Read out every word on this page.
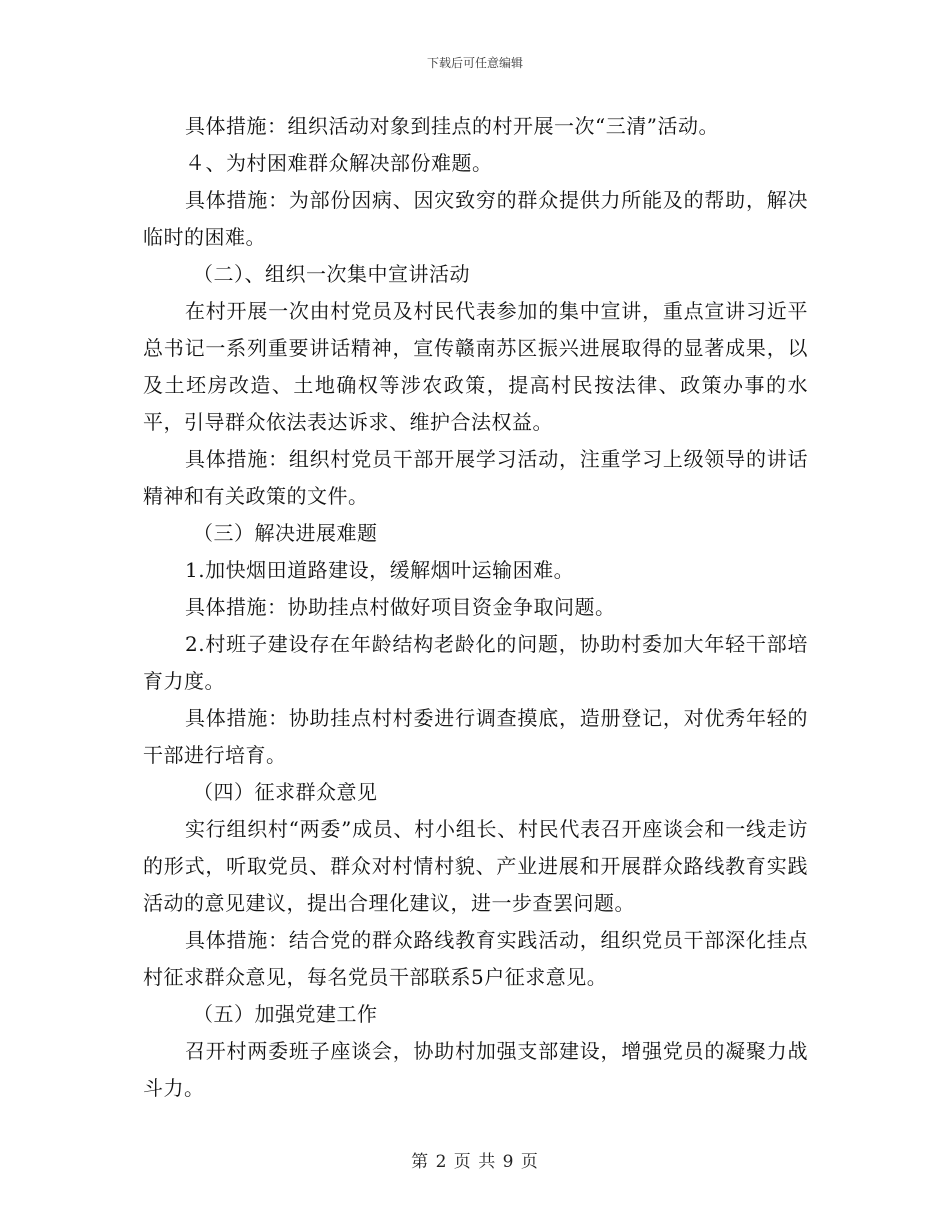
下载后可任意编辑

具体措施：组织活动对象到挂点的村开展一次“三清”活动。

４、为村困难群众解决部份难题。

具体措施：为部份因病、因灾致穷的群众提供力所能及的帮助，解决临时的困难。

（二）、组织一次集中宣讲活动

在村开展一次由村党员及村民代表参加的集中宣讲，重点宣讲习近平总书记一系列重要讲话精神，宣传赣南苏区振兴进展取得的显著成果，以及土坯房改造、土地确权等涉农政策，提高村民按法律、政策办事的水平，引导群众依法表达诉求、维护合法权益。

具体措施：组织村党员干部开展学习活动，注重学习上级领导的讲话精神和有关政策的文件。

（三）解决进展难题

1.加快烟田道路建设，缓解烟叶运输困难。

具体措施：协助挂点村做好项目资金争取问题。

2.村班子建设存在年龄结构老龄化的问题，协助村委加大年轻干部培育力度。

具体措施：协助挂点村村委进行调查摸底，造册登记，对优秀年轻的干部进行培育。

（四）征求群众意见

实行组织村“两委”成员、村小组长、村民代表召开座谈会和一线走访的形式，听取党员、群众对村情村貌、产业进展和开展群众路线教育实践活动的意见建议，提出合理化建议，进一步查罢问题。

具体措施：结合党的群众路线教育实践活动，组织党员干部深化挂点村征求群众意见，每名党员干部联系5户征求意见。

（五）加强党建工作

召开村两委班子座谈会，协助村加强支部建设，增强党员的凝聚力战斗力。

第 2 页 共 9 页
